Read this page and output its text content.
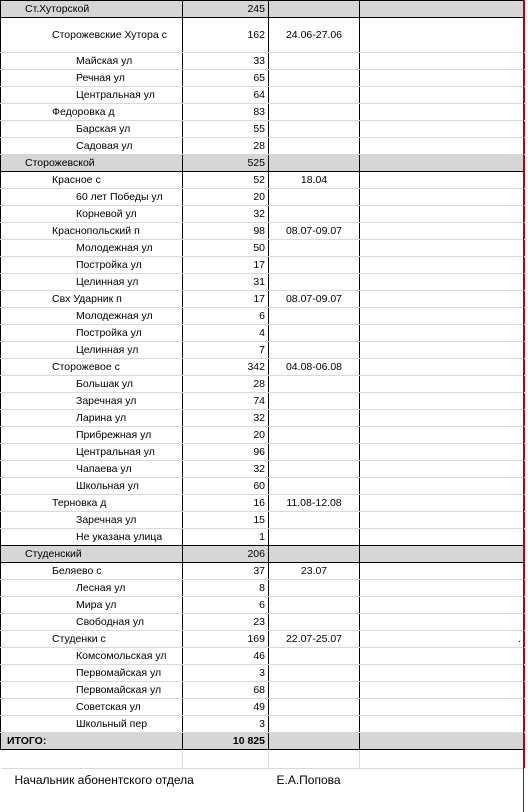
Ст.Хуторской	245		
Сторожевские Хутора с	162	24.06-27.06	
Майская ул	33		
Речная ул	65		
Центральная ул	64		
Федоровка д	83		
Барская ул	55		
Садовая ул	28		
Сторожевской	525		
Красное с	52	18.04	
60 лет Победы ул	20		
Корневой ул	32		
Краснопольский п	98	08.07-09.07	
Молодежная ул	50		
Постройка ул	17		
Целинная ул	31		
Свх Ударник п	17	08.07-09.07	
Молодежная ул	6		
Постройка ул	4		
Целинная ул	7		
Сторожевое с	342	04.08-06.08	
Большак ул	28		
Заречная ул	74		
Ларина ул	32		
Прибрежная ул	20		
Центральная ул	96		
Чапаева ул	32		
Школьная ул	60		
Терновка д	16	11.08-12.08	
Заречная ул	15		
Не указана улица	1		
Студенский	206		
Беляево с	37	23.07	
Лесная ул	8		
Мира ул	6		
Свободная ул	23		
Студенки с	169	22.07-25.07	.
Комсомольская ул	46		
Первомайская ул	3		
Первомайская ул	68		
Советская ул	49		
Школьный пер	3		
ИТОГО:	10 825		

Начальник абонентского отдела		Е.А.Попова	
